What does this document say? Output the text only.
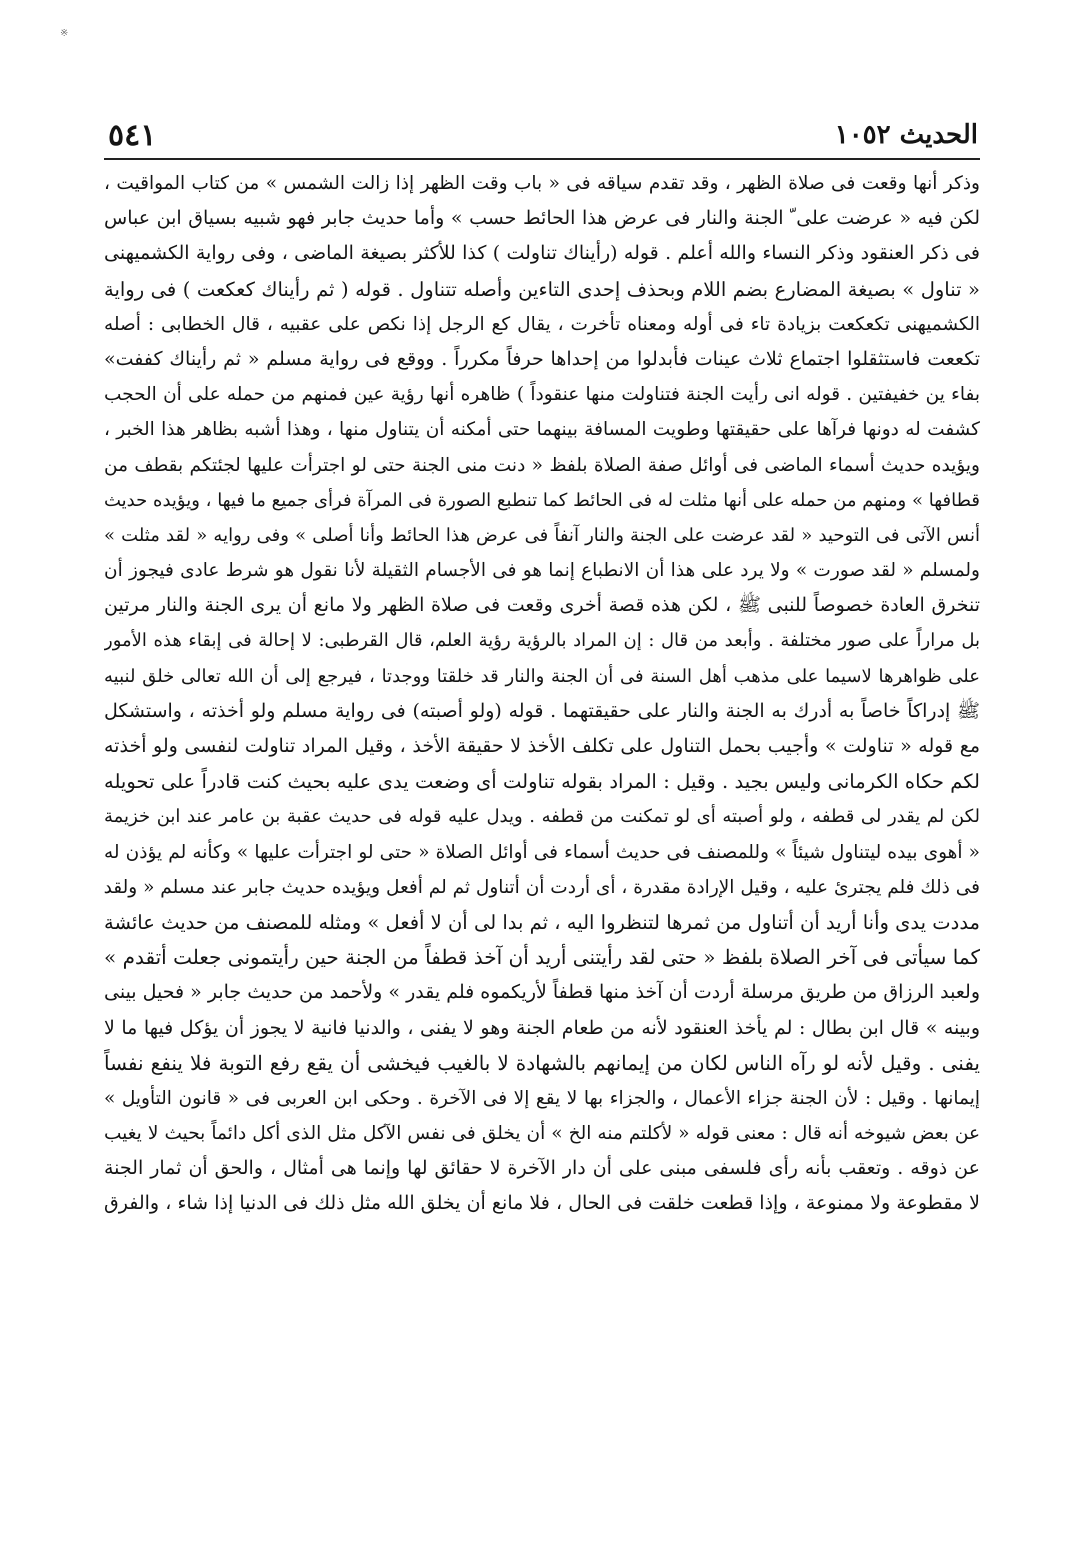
※
الحديث ١٠٥٢
٥٤١
وذكر أنها وقعت فى صلاة الظهر ، وقد تقدم سياقه فى « باب وقت الظهر إذا زالت الشمس » من كتاب المواقيت ،
لكن فيه « عرضت على ّ الجنة والنار فى عرض هذا الحائط حسب » وأما حديث جابر فهو شبيه بسياق ابن عباس
فى ذكر العنقود وذكر النساء والله أعلم . قوله (رأيناك تناولت ) كذا للأكثر بصيغة الماضى ، وفى رواية الكشميهنى
« تناول » بصيغة المضارع بضم اللام وبحذف إحدى التاءين وأصله تتناول . قوله ( ثم رأيناك كعكعت ) فى رواية
الكشميهنى تكعكعت بزيادة تاء فى أوله ومعناه تأخرت ، يقال كع الرجل إذا نكص على عقبيه ، قال الخطابى : أصله
تكععت فاستثقلوا اجتماع ثلاث عينات فأبدلوا من إحداها حرفاً مكرراً . ووقع فى رواية مسلم « ثم رأيناك كففت»
بفاء ين خفيفتين . قوله انى رأيت الجنة فتناولت منها عنقوداً ) ظاهره أنها رؤية عين فمنهم من حمله على أن الحجب
كشفت له دونها فرآها على حقيقتها وطويت المسافة بينهما حتى أمكنه أن يتناول منها ، وهذا أشبه بظاهر هذا الخبر ،
ويؤيده حديث أسماء الماضى فى أوائل صفة الصلاة بلفظ « دنت منى الجنة حتى لو اجترأت عليها لجئتكم بقطف من
قطافها » ومنهم من حمله على أنها مثلت له فى الحائط كما تنطبع الصورة فى المرآة فرأى جميع ما فيها ، ويؤيده حديث
أنس الآتى فى التوحيد « لقد عرضت على الجنة والنار آنفاً فى عرض هذا الحائط وأنا أصلى » وفى روايه « لقد مثلت »
ولمسلم « لقد صورت » ولا يرد على هذا أن الانطباع إنما هو فى الأجسام الثقيلة لأنا نقول هو شرط عادى فيجوز أن
تنخرق العادة خصوصاً للنبى ﷺ ، لكن هذه قصة أخرى وقعت فى صلاة الظهر ولا مانع أن يرى الجنة والنار مرتين
بل مراراً على صور مختلفة . وأبعد من قال : إن المراد بالرؤية رؤية العلم، قال القرطبى: لا إحالة فى إبقاء هذه الأمور
على ظواهرها لاسيما على مذهب أهل السنة فى أن الجنة والنار قد خلقتا ووجدتا ، فيرجع إلى أن الله تعالى خلق لنبيه
ﷺ إدراكاً خاصاً به أدرك به الجنة والنار على حقيقتهما . قوله (ولو أصبته) فى رواية مسلم ولو أخذته ، واستشكل
مع قوله « تناولت » وأجيب بحمل التناول على تكلف الأخذ لا حقيقة الأخذ ، وقيل المراد تناولت لنفسى ولو أخذته
لكم حكاه الكرمانى وليس بجيد . وقيل : المراد بقوله تناولت أى وضعت يدى عليه بحيث كنت قادراً على تحويله
لكن لم يقدر لى قطفه ، ولو أصبته أى لو تمكنت من قطفه . ويدل عليه قوله فى حديث عقبة بن عامر عند ابن خزيمة
« أهوى بيده ليتناول شيئاً » وللمصنف فى حديث أسماء فى أوائل الصلاة « حتى لو اجترأت عليها » وكأنه لم يؤذن له
فى ذلك فلم يجترئ عليه ، وقيل الإرادة مقدرة ، أى أردت أن أتناول ثم لم أفعل ويؤيده حديث جابر عند مسلم « ولقد
مددت يدى وأنا أريد أن أتناول من ثمرها لتنظروا اليه ، ثم بدا لى أن لا أفعل » ومثله للمصنف من حديث عائشة
كما سيأتى فى آخر الصلاة بلفظ « حتى لقد رأيتنى أريد أن آخذ قطفاً من الجنة حين رأيتمونى جعلت أتقدم »
ولعبد الرزاق من طريق مرسلة أردت أن آخذ منها قطفاً لأريكموه فلم يقدر » ولأحمد من حديث جابر « فحيل بينى
وبينه » قال ابن بطال : لم يأخذ العنقود لأنه من طعام الجنة وهو لا يفنى ، والدنيا فانية لا يجوز أن يؤكل فيها ما لا
يفنى . وقيل لأنه لو رآه الناس لكان من إيمانهم بالشهادة لا بالغيب فيخشى أن يقع رفع التوبة فلا ينفع نفساً
إيمانها . وقيل : لأن الجنة جزاء الأعمال ، والجزاء بها لا يقع إلا فى الآخرة . وحكى ابن العربى فى « قانون التأويل »
عن بعض شيوخه أنه قال : معنى قوله « لأكلتم منه الخ » أن يخلق فى نفس الآكل مثل الذى أكل دائماً بحيث لا يغيب
عن ذوقه . وتعقب بأنه رأى فلسفى مبنى على أن دار الآخرة لا حقائق لها وإنما هى أمثال ، والحق أن ثمار الجنة
لا مقطوعة ولا ممنوعة ، وإذا قطعت خلقت فى الحال ، فلا مانع أن يخلق الله مثل ذلك فى الدنيا إذا شاء ، والفرق
